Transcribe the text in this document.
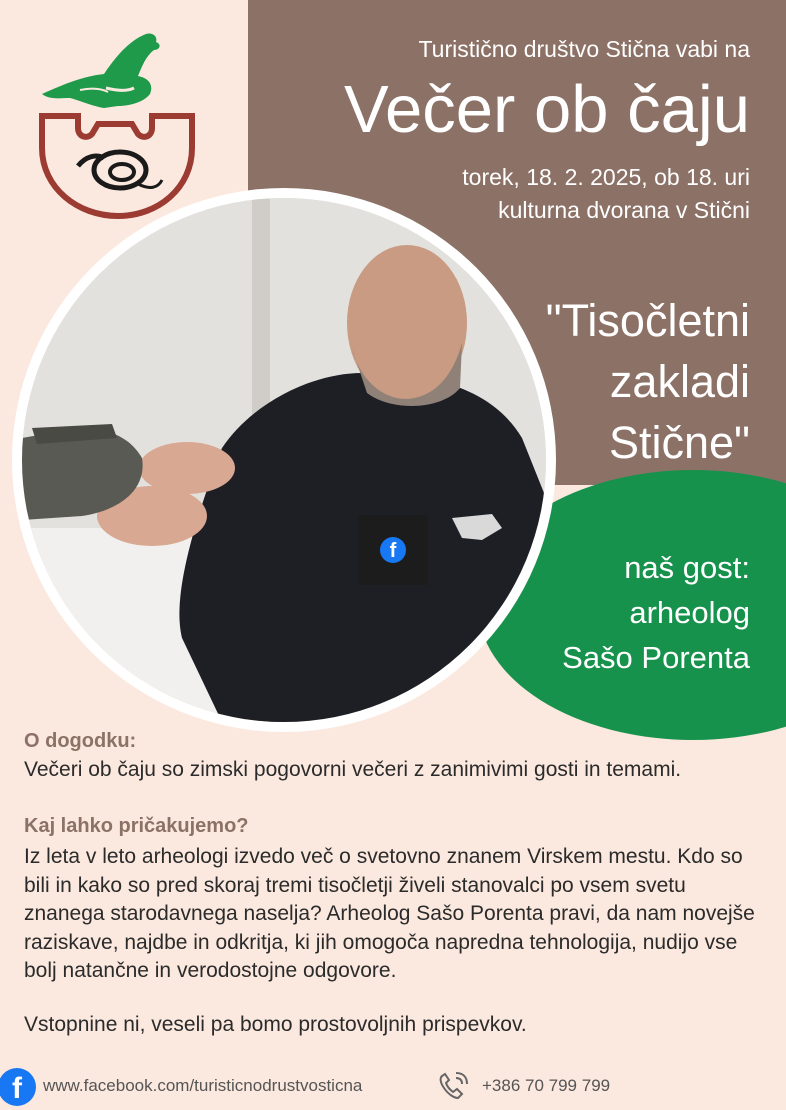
f
Turistično društvo Stična vabi na
Večer ob čaju
torek, 18. 2. 2025, ob 18. uri
kulturna dvorana v Stični
"Tisočletni
zakladi
Stične"
naš gost:
arheolog
Sašo Porenta
O dogodku:
Večeri ob čaju so zimski pogovorni večeri z zanimivimi gosti in temami.
Kaj lahko pričakujemo?
Iz leta v leto arheologi izvedo več o svetovno znanem Virskem mestu. Kdo so bili in kako so pred skoraj tremi tisočletji živeli stanovalci po vsem svetu znanega starodavnega naselja? Arheolog Sašo Porenta pravi, da nam novejše raziskave, najdbe in odkritja, ki jih omogoča napredna tehnologija, nudijo vse bolj natančne in verodostojne odgovore.
Vstopnine ni, veseli pa bomo prostovoljnih prispevkov.
f	www.facebook.com/turisticnodrustvosticna	+386 70 799 799
